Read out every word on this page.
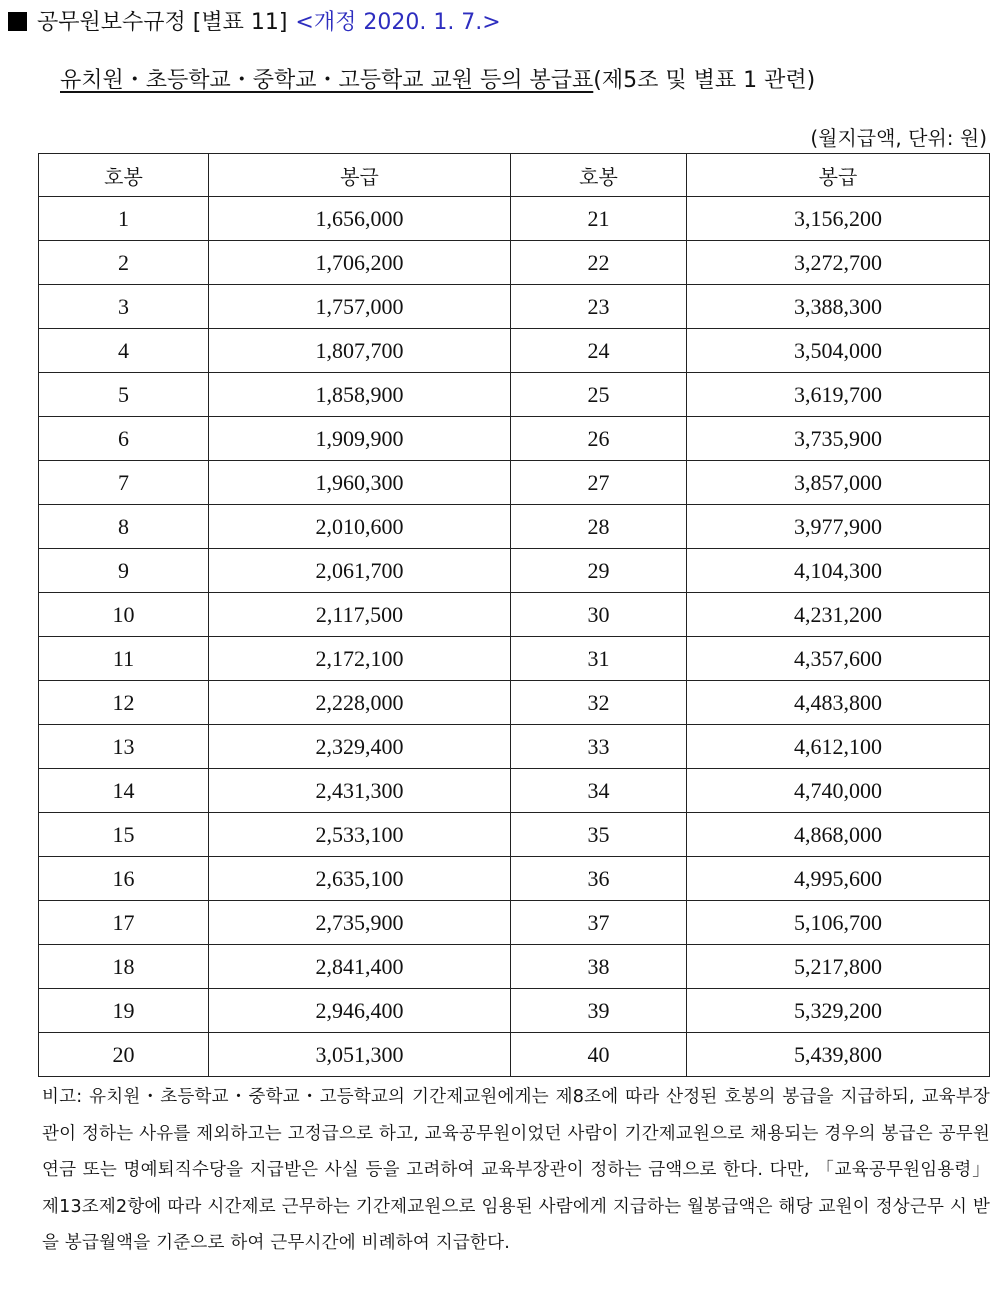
공무원보수규정 [별표 11] <개정 2020. 1. 7.>
유치원・초등학교・중학교・고등학교 교원 등의 봉급표(제5조 및 별표 1 관련)
(월지급액, 단위: 원)
호봉	봉급	호봉	봉급
1	1,656,000	21	3,156,200
2	1,706,200	22	3,272,700
3	1,757,000	23	3,388,300
4	1,807,700	24	3,504,000
5	1,858,900	25	3,619,700
6	1,909,900	26	3,735,900
7	1,960,300	27	3,857,000
8	2,010,600	28	3,977,900
9	2,061,700	29	4,104,300
10	2,117,500	30	4,231,200
11	2,172,100	31	4,357,600
12	2,228,000	32	4,483,800
13	2,329,400	33	4,612,100
14	2,431,300	34	4,740,000
15	2,533,100	35	4,868,000
16	2,635,100	36	4,995,600
17	2,735,900	37	5,106,700
18	2,841,400	38	5,217,800
19	2,946,400	39	5,329,200
20	3,051,300	40	5,439,800
비고: 유치원・초등학교・중학교・고등학교의 기간제교원에게는 제8조에 따라 산정된 호봉의 봉급을 지급하되, 교육부장관이 정하는 사유를 제외하고는 고정급으로 하고, 교육공무원이었던 사람이 기간제교원으로 채용되는 경우의 봉급은 공무원연금 또는 명예퇴직수당을 지급받은 사실 등을 고려하여 교육부장관이 정하는 금액으로 한다. 다만, 「교육공무원임용령」 제13조제2항에 따라 시간제로 근무하는 기간제교원으로 임용된 사람에게 지급하는 월봉급액은 해당 교원이 정상근무 시 받을 봉급월액을 기준으로 하여 근무시간에 비례하여 지급한다.
